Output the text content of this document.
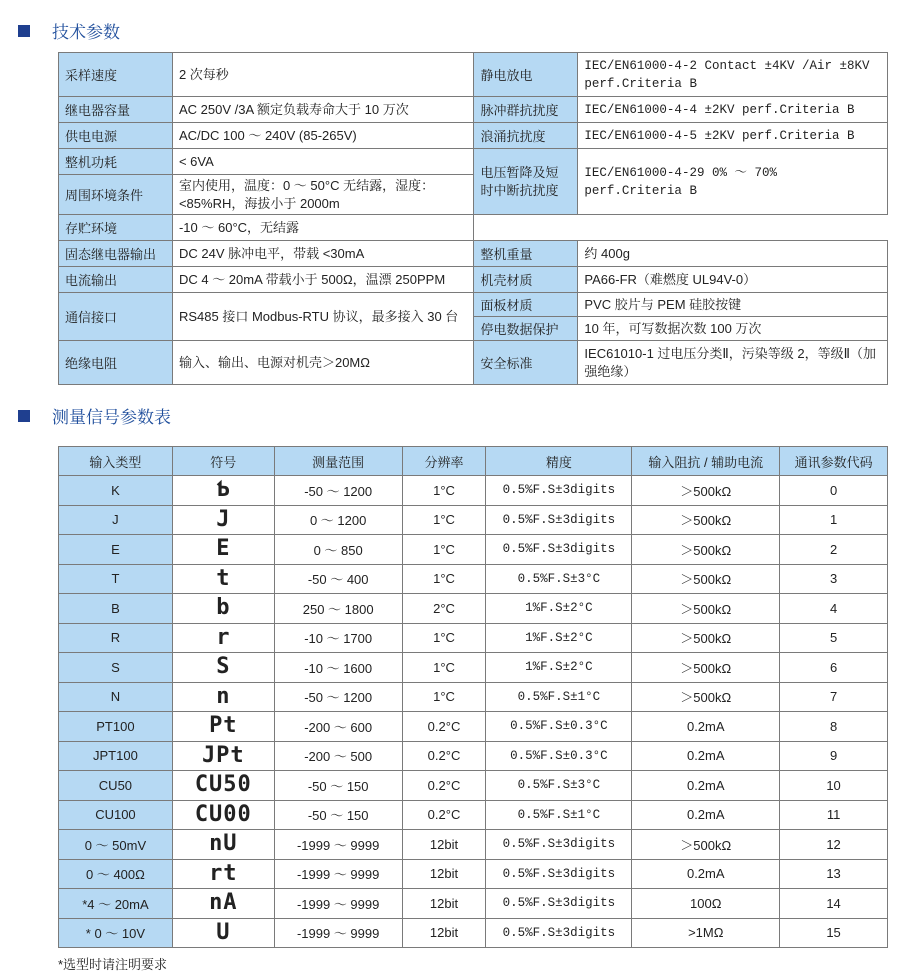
技术参数
采样速度	2 次每秒	静电放电	IEC/EN61000-4-2 Contact ±4KV /Air ±8KV perf.Criteria B
继电器容量	AC 250V /3A 额定负载寿命大于 10 万次	脉冲群抗扰度	IEC/EN61000-4-4 ±2KV perf.Criteria B
供电电源	AC/DC 100 ～ 240V (85-265V)	浪涌抗扰度	IEC/EN61000-4-5 ±2KV perf.Criteria B
整机功耗	< 6VA	电压暂降及短时中断抗扰度	IEC/EN61000-4-29 0% ～ 70% perf.Criteria B
周围环境条件	室内使用，温度：0 ～ 50°C 无结露，湿度：<85%RH，海拔小于 2000m		
存贮环境	-10 ～ 60°C，无结露		
固态继电器输出	DC 24V 脉冲电平，带载 <30mA	整机重量	约 400g
电流输出	DC 4 ～ 20mA 带载小于 500Ω，温漂 250PPM	机壳材质	PA66-FR（难燃度 UL94V-0）
通信接口	RS485 接口 Modbus-RTU 协议，最多接入 30 台	面板材质	PVC 胶片与 PEM 硅胶按键
		停电数据保护	10 年，可写数据次数 100 万次
绝缘电阻	输入、输出、电源对机壳＞20MΩ	安全标准	IEC61010-1 过电压分类Ⅱ，污染等级 2，等级Ⅱ（加强绝缘）
测量信号参数表
输入类型	符号	测量范围	分辨率	精度	输入阻抗 / 辅助电流	通讯参数代码
K	Ƅ	-50 ～ 1200	1°C	0.5%F.S±3digits	＞500kΩ	0
J	J	0 ～ 1200	1°C	0.5%F.S±3digits	＞500kΩ	1
E	E	0 ～ 850	1°C	0.5%F.S±3digits	＞500kΩ	2
T	t	-50 ～ 400	1°C	0.5%F.S±3°C	＞500kΩ	3
B	b	250 ～ 1800	2°C	1%F.S±2°C	＞500kΩ	4
R	r	-10 ～ 1700	1°C	1%F.S±2°C	＞500kΩ	5
S	S	-10 ～ 1600	1°C	1%F.S±2°C	＞500kΩ	6
N	n	-50 ～ 1200	1°C	0.5%F.S±1°C	＞500kΩ	7
PT100	Pt	-200 ～ 600	0.2°C	0.5%F.S±0.3°C	0.2mA	8
JPT100	JPt	-200 ～ 500	0.2°C	0.5%F.S±0.3°C	0.2mA	9
CU50	CU50	-50 ～ 150	0.2°C	0.5%F.S±3°C	0.2mA	10
CU100	CU00	-50 ～ 150	0.2°C	0.5%F.S±1°C	0.2mA	11
0 ～ 50mV	nU	-1999 ～ 9999	12bit	0.5%F.S±3digits	＞500kΩ	12
0 ～ 400Ω	rt	-1999 ～ 9999	12bit	0.5%F.S±3digits	0.2mA	13
*4 ～ 20mA	nA	-1999 ～ 9999	12bit	0.5%F.S±3digits	100Ω	14
* 0 ～ 10V	U	-1999 ～ 9999	12bit	0.5%F.S±3digits	>1MΩ	15
*选型时请注明要求
